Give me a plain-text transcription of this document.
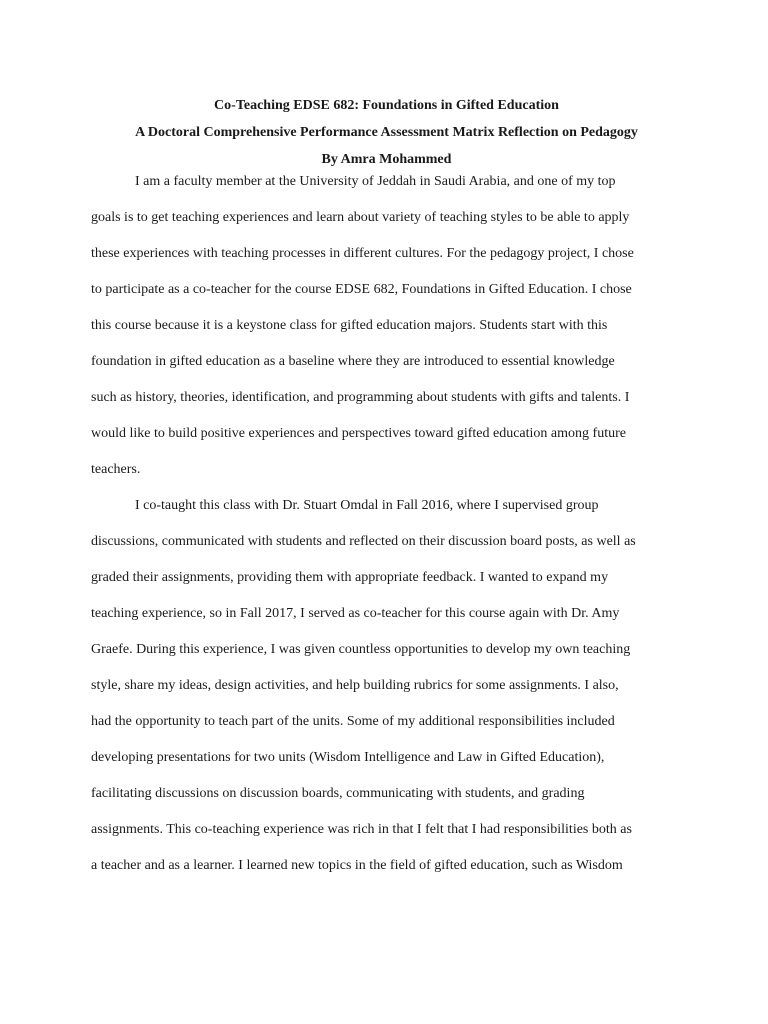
Co-Teaching EDSE 682: Foundations in Gifted Education

A Doctoral Comprehensive Performance Assessment Matrix Reflection on Pedagogy

By Amra Mohammed

I am a faculty member at the University of Jeddah in Saudi Arabia, and one of my top
goals is to get teaching experiences and learn about variety of teaching styles to be able to apply
these experiences with teaching processes in different cultures. For the pedagogy project, I chose
to participate as a co-teacher for the course EDSE 682, Foundations in Gifted Education. I chose
this course because it is a keystone class for gifted education majors. Students start with this
foundation in gifted education as a baseline where they are introduced to essential knowledge
such as history, theories, identification, and programming about students with gifts and talents. I
would like to build positive experiences and perspectives toward gifted education among future
teachers.
I co-taught this class with Dr. Stuart Omdal in Fall 2016, where I supervised group
discussions, communicated with students and reflected on their discussion board posts, as well as
graded their assignments, providing them with appropriate feedback. I wanted to expand my
teaching experience, so in Fall 2017, I served as co-teacher for this course again with Dr. Amy
Graefe. During this experience, I was given countless opportunities to develop my own teaching
style, share my ideas, design activities, and help building rubrics for some assignments. I also,
had the opportunity to teach part of the units. Some of my additional responsibilities included
developing presentations for two units (Wisdom Intelligence and Law in Gifted Education),
facilitating discussions on discussion boards, communicating with students, and grading
assignments. This co-teaching experience was rich in that I felt that I had responsibilities both as
a teacher and as a learner. I learned new topics in the field of gifted education, such as Wisdom
